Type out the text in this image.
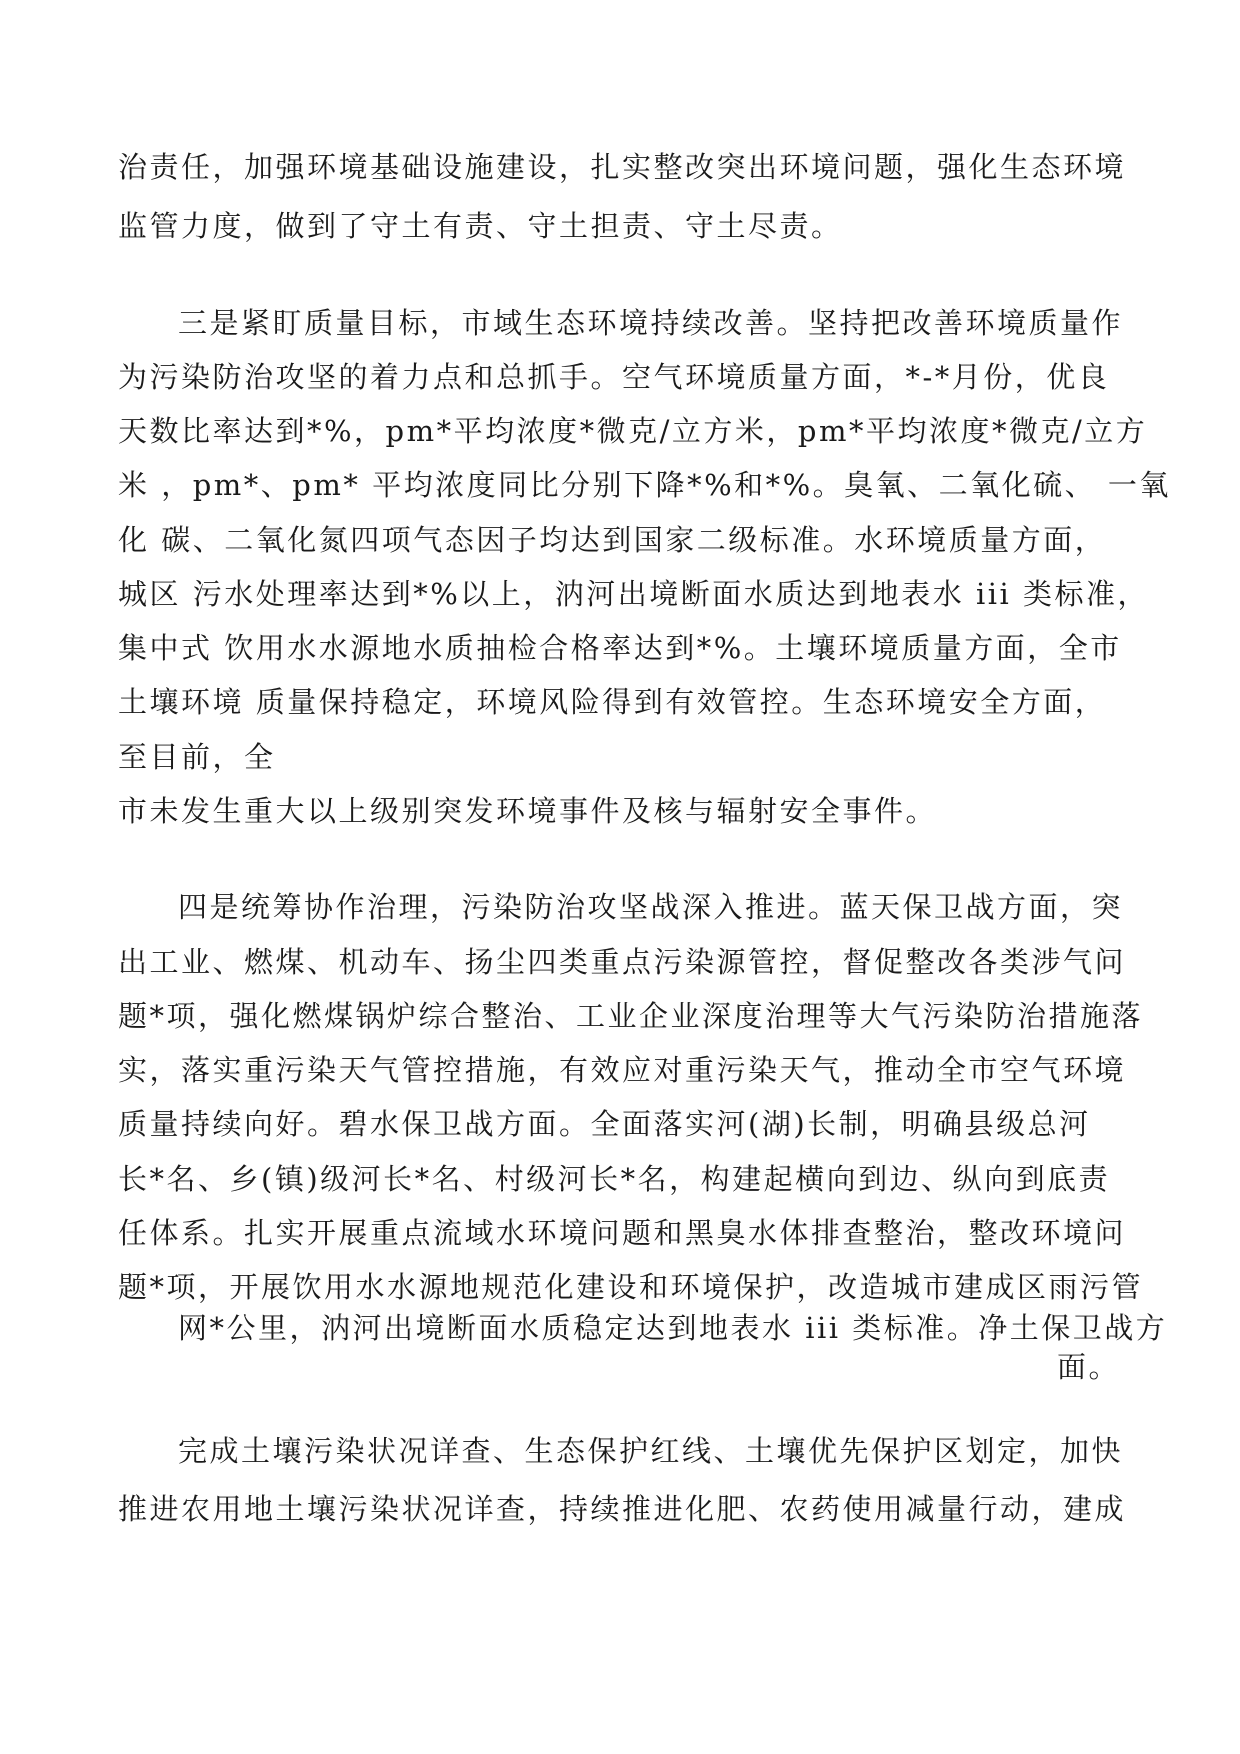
治责任，加强环境基础设施建设，扎实整改突出环境问题，强化生态环境
监管力度，做到了守土有责、守土担责、守土尽责。
三是紧盯质量目标，市域生态环境持续改善。坚持把改善环境质量作
为污染防治攻坚的着力点和总抓手。空气环境质量方面，*-*月份，优良
天数比率达到*%，pm*平均浓度*微克/立方米，pm*平均浓度*微克/立方
米 ，pm*、pm* 平均浓度同比分别下降*%和*%。臭氧、二氧化硫、 一氧
化 碳、二氧化氮四项气态因子均达到国家二级标准。水环境质量方面，
城区 污水处理率达到*%以上，汭河出境断面水质达到地表水 iii 类标准，
集中式 饮用水水源地水质抽检合格率达到*%。土壤环境质量方面，全市
土壤环境 质量保持稳定，环境风险得到有效管控。生态环境安全方面，
至目前，全
市未发生重大以上级别突发环境事件及核与辐射安全事件。
四是统筹协作治理，污染防治攻坚战深入推进。蓝天保卫战方面，突
出工业、燃煤、机动车、扬尘四类重点污染源管控，督促整改各类涉气问
题*项，强化燃煤锅炉综合整治、工业企业深度治理等大气污染防治措施落
实，落实重污染天气管控措施，有效应对重污染天气，推动全市空气环境
质量持续向好。碧水保卫战方面。全面落实河(湖)长制，明确县级总河
长*名、乡(镇)级河长*名、村级河长*名，构建起横向到边、纵向到底责
任体系。扎实开展重点流域水环境问题和黑臭水体排查整治，整改环境问
题*项，开展饮用水水源地规范化建设和环境保护，改造城市建成区雨污管
网*公里，汭河出境断面水质稳定达到地表水 iii 类标准。净土保卫战方
面。
完成土壤污染状况详查、生态保护红线、土壤优先保护区划定，加快
推进农用地土壤污染状况详查，持续推进化肥、农药使用减量行动，建成
